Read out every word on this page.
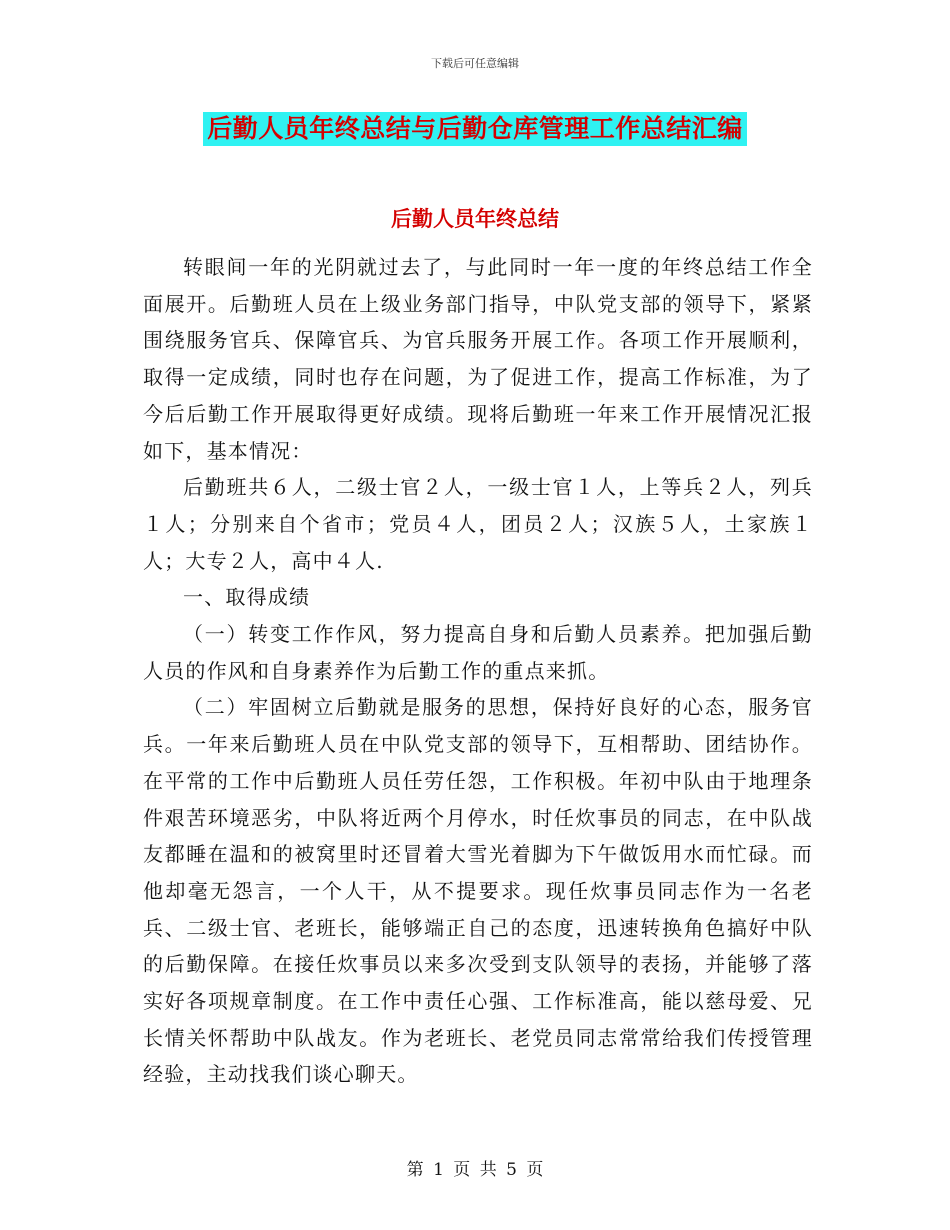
下载后可任意编辑
后勤人员年终总结与后勤仓库管理工作总结汇编
后勤人员年终总结

转眼间一年的光阴就过去了，与此同时一年一度的年终总结工作全面展开。后勤班人员在上级业务部门指导，中队党支部的领导下，紧紧围绕服务官兵、保障官兵、为官兵服务开展工作。各项工作开展顺利，取得一定成绩，同时也存在问题，为了促进工作，提高工作标准，为了今后后勤工作开展取得更好成绩。现将后勤班一年来工作开展情况汇报如下，基本情况：

后勤班共６人，二级士官２人，一级士官１人，上等兵２人，列兵１人；分别来自个省市；党员４人，团员２人；汉族５人，土家族１人；大专２人，高中４人.

一、取得成绩

（一）转变工作作风，努力提高自身和后勤人员素养。把加强后勤人员的作风和自身素养作为后勤工作的重点来抓。

（二）牢固树立后勤就是服务的思想，保持好良好的心态，服务官兵。一年来后勤班人员在中队党支部的领导下，互相帮助、团结协作。在平常的工作中后勤班人员任劳任怨，工作积极。年初中队由于地理条件艰苦环境恶劣，中队将近两个月停水，时任炊事员的同志，在中队战友都睡在温和的被窝里时还冒着大雪光着脚为下午做饭用水而忙碌。而他却毫无怨言，一个人干，从不提要求。现任炊事员同志作为一名老兵、二级士官、老班长，能够端正自己的态度，迅速转换角色搞好中队的后勤保障。在接任炊事员以来多次受到支队领导的表扬，并能够了落实好各项规章制度。在工作中责任心强、工作标准高，能以慈母爱、兄长情关怀帮助中队战友。作为老班长、老党员同志常常给我们传授管理经验，主动找我们谈心聊天。

第 1 页 共 5 页
